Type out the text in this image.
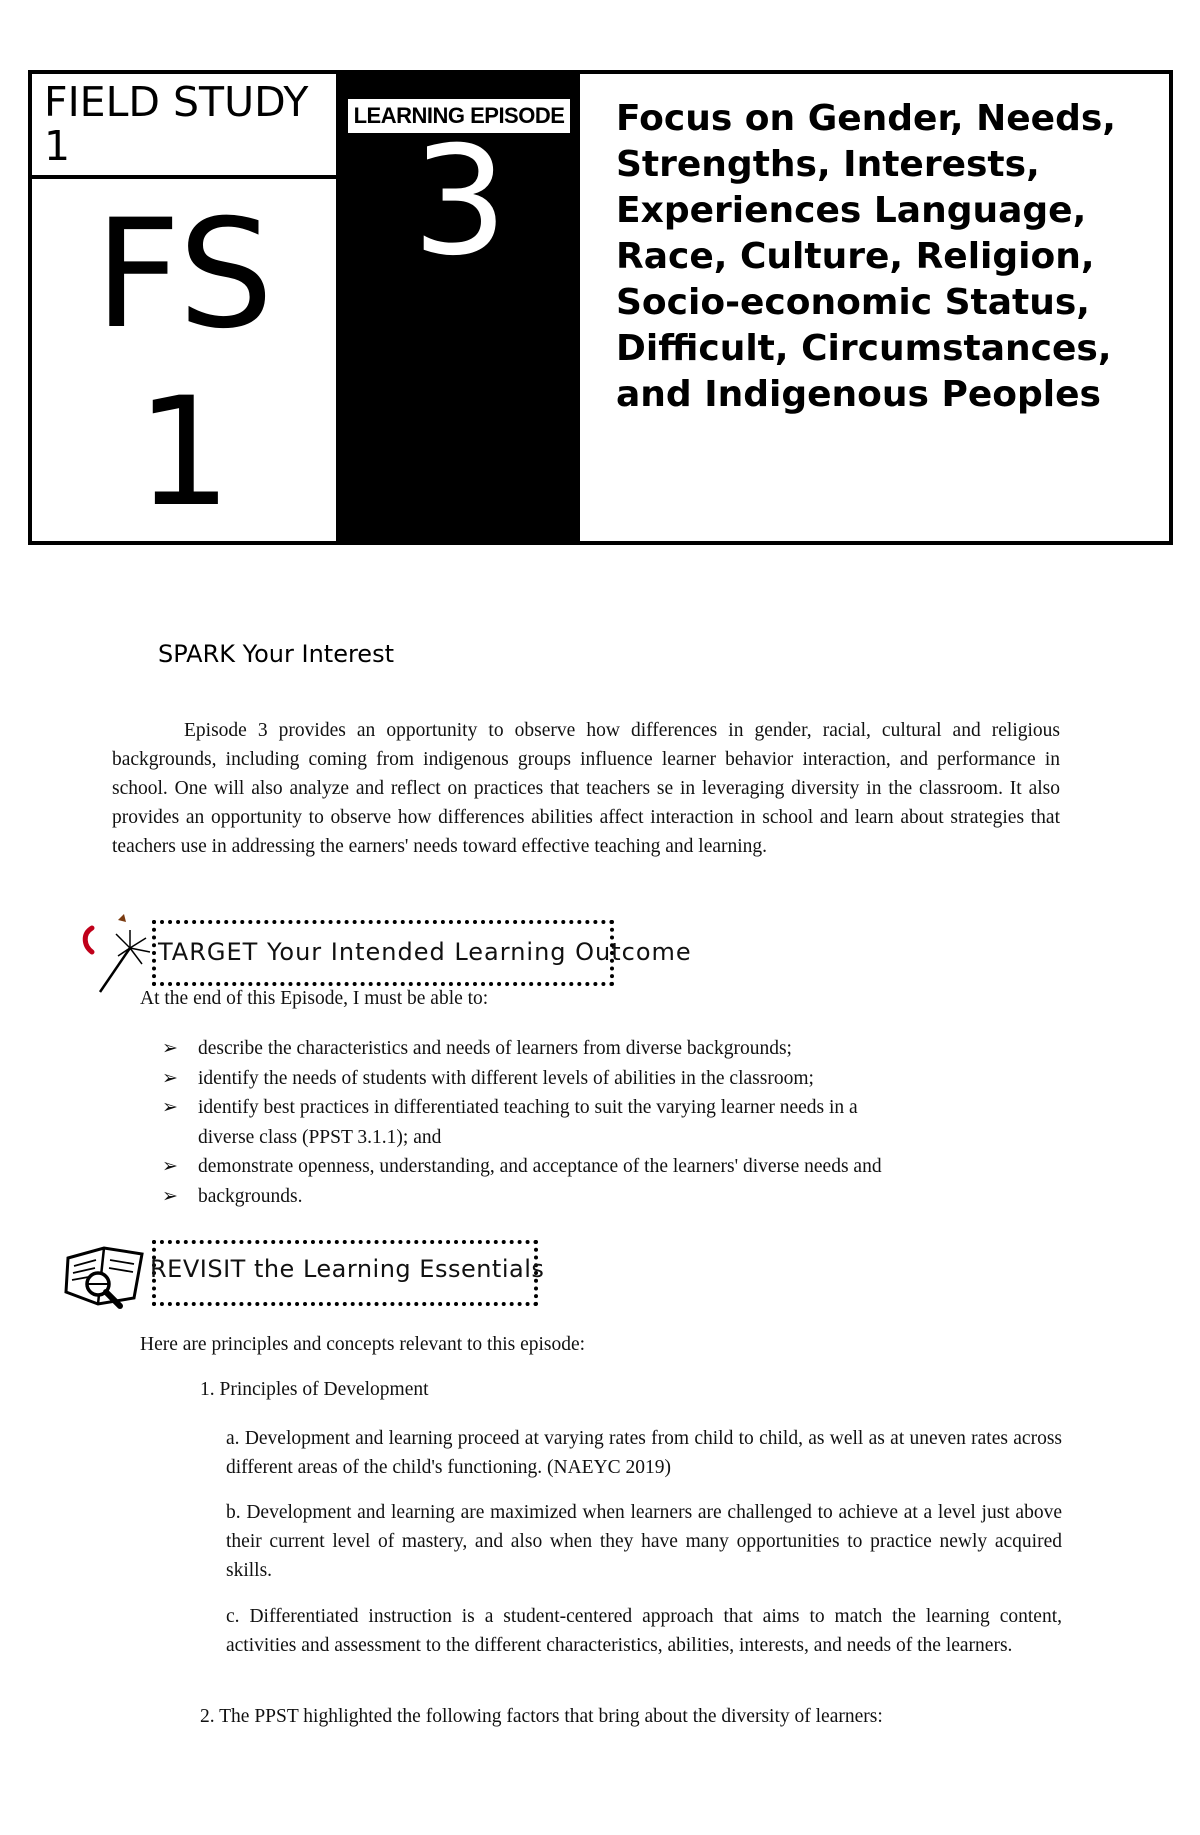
FIELD STUDY 1
FS
1
LEARNING EPISODE
3	Focus on Gender, Needs, Strengths, Interests, Experiences Language, Race, Culture, Religion, Socio-economic Status, Difficult, Circumstances, and Indigenous Peoples
SPARK Your Interest
Episode 3 provides an opportunity to observe how differences in gender, racial, cultural and religious backgrounds, including coming from indigenous groups influence learner behavior interaction, and performance in school. One will also analyze and reflect on practices that teachers se in leveraging diversity in the classroom. It also provides an opportunity to observe how differences abilities affect interaction in school and learn about strategies that teachers use in addressing the earners' needs toward effective teaching and learning.
TARGET Your Intended Learning Outcome
At the end of this Episode, I must be able to:
➢ describe the characteristics and needs of learners from diverse backgrounds;
➢ identify the needs of students with different levels of abilities in the classroom;
➢ identify best practices in differentiated teaching to suit the varying learner needs in a diverse class (PPST 3.1.1); and
➢ demonstrate openness, understanding, and acceptance of the learners' diverse needs and
➢ backgrounds.
REVISIT the Learning Essentials
Here are principles and concepts relevant to this episode:
1. Principles of Development
a. Development and learning proceed at varying rates from child to child, as well as at uneven rates across different areas of the child's functioning. (NAEYC 2019)
b. Development and learning are maximized when learners are challenged to achieve at a level just above their current level of mastery, and also when they have many opportunities to practice newly acquired skills.
c. Differentiated instruction is a student-centered approach that aims to match the learning content, activities and assessment to the different characteristics, abilities, interests, and needs of the learners.
2. The PPST highlighted the following factors that bring about the diversity of learners:
